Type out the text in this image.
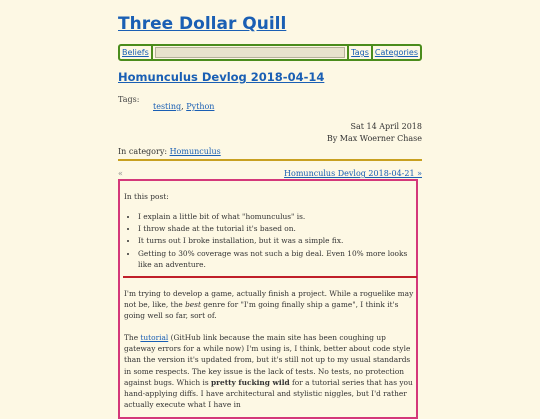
Three Dollar Quill
Beliefs	Tags Categories
Homunculus Devlog 2018-04-14
Tags:
testing, Python
Sat 14 April 2018
By Max Woerner Chase
In category: Homunculus
«	Homunculus Devlog 2018-04-21 »
In this post:
• I explain a little bit of what "homunculus" is.
• I throw shade at the tutorial it's based on.
• It turns out I broke installation, but it was a simple fix.
• Getting to 30% coverage was not such a big deal. Even 10% more looks like an adventure.

I'm trying to develop a game, actually finish a project. While a roguelike may not be, like, the best genre for "I'm going finally ship a game", I think it's going well so far, sort of.

The tutorial (GitHub link because the main site has been coughing up gateway errors for a while now) I'm using is, I think, better about code style than the version it's updated from, but it's still not up to my usual standards in some respects. The key issue is the lack of tests. No tests, no protection against bugs. Which is pretty fucking wild for a tutorial series that has you hand-applying diffs. I have architectural and stylistic niggles, but I'd rather actually execute what I have in
